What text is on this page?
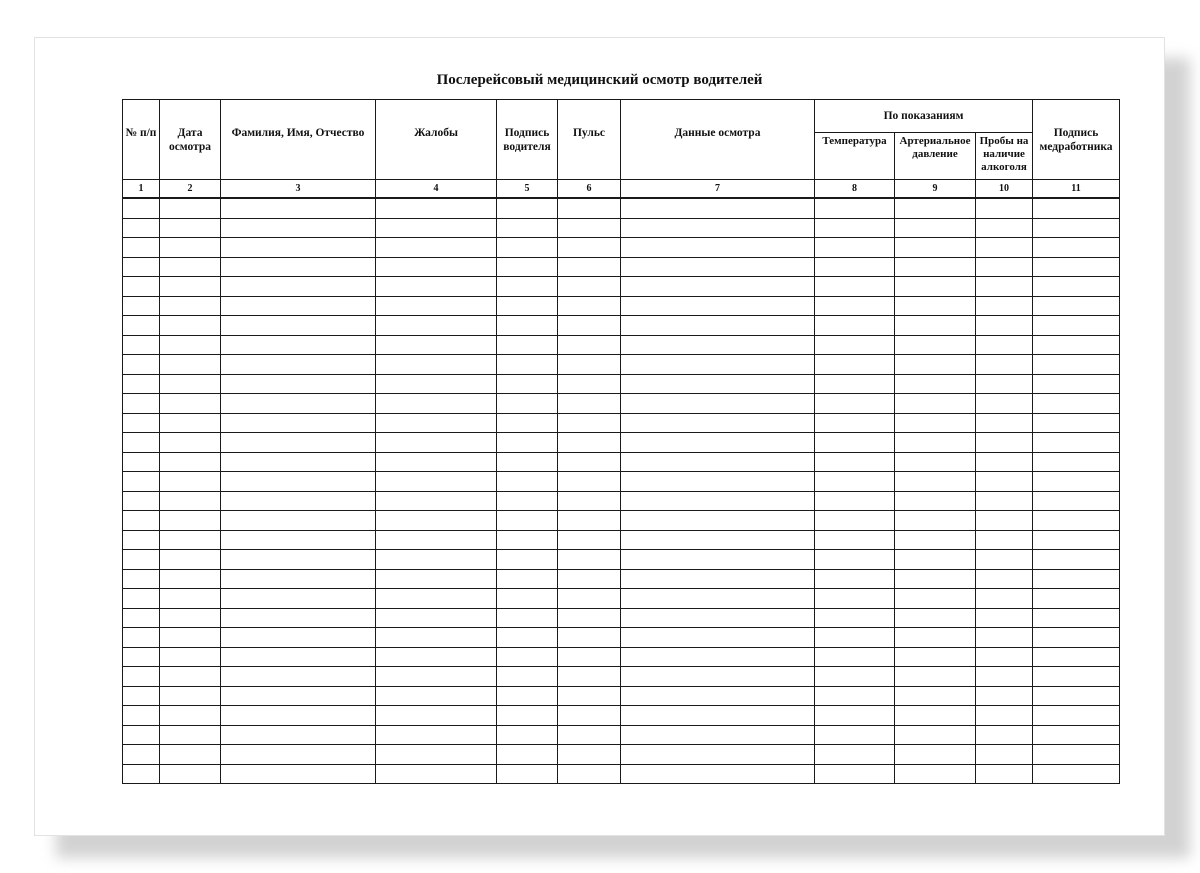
Послерейсовый медицинский осмотр водителей
№ п/п	Дата осмотра	Фамилия, Имя, Отчество	Жалобы	Подпись водителя	Пульс	Данные осмотра	По показаниям			Подпись медработника
							Температура	Артериальное давление	Пробы на наличие алкоголя	
1	2	3	4	5	6	7	8	9	10	11
